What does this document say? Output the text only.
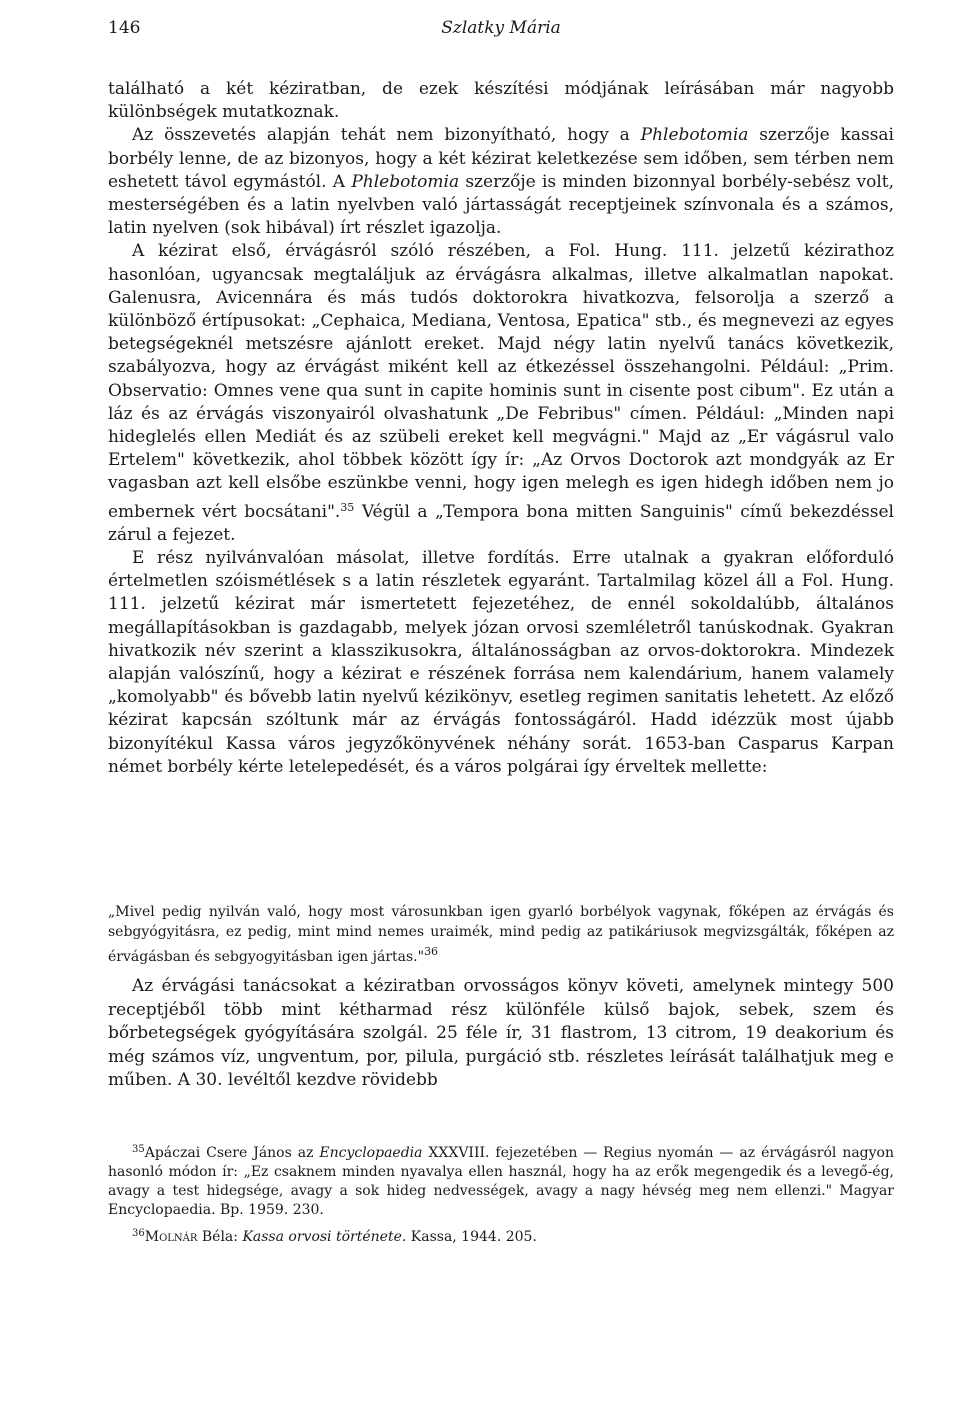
146	Szlatky Mária

található a két kéziratban, de ezek készítési módjának leírásában már nagyobb különbségek mutatkoznak.

Az összevetés alapján tehát nem bizonyítható, hogy a Phlebotomia szerzője kassai borbély lenne, de az bizonyos, hogy a két kézirat keletkezése sem időben, sem térben nem eshetett távol egymástól. A Phlebotomia szerzője is minden bizonnyal borbély-sebész volt, mesterségében és a latin nyelvben való jártasságát receptjeinek színvonala és a számos, latin nyelven (sok hibával) írt részlet igazolja.

A kézirat első, érvágásról szóló részében, a Fol. Hung. 111. jelzetű kézirathoz hasonlóan, ugyancsak megtaláljuk az érvágásra alkalmas, illetve alkalmatlan napokat. Galenusra, Avicennára és más tudós doktorokra hivatkozva, felsorolja a szerző a különböző értípusokat: „Cephaica, Mediana, Ventosa, Epatica" stb., és megnevezi az egyes betegségeknél metszésre ajánlott ereket. Majd négy latin nyelvű tanács következik, szabályozva, hogy az érvágást miként kell az étkezéssel összehangolni. Például: „Prim. Observatio: Omnes vene qua sunt in capite hominis sunt in cisente post cibum". Ez után a láz és az érvágás viszonyairól olvashatunk „De Febribus" címen. Például: „Minden napi hideglelés ellen Mediát és az szübeli ereket kell megvágni." Majd az „Er vágásrul valo Ertelem" következik, ahol többek között így ír: „Az Orvos Doctorok azt mondgyák az Er vagasban azt kell elsőbe eszünkbe venni, hogy igen melegh es igen hidegh időben nem jo embernek vért bocsátani".$^{35}$ Végül a „Tempora bona mitten Sanguinis" című bekezdéssel zárul a fejezet.

E rész nyilvánvalóan másolat, illetve fordítás. Erre utalnak a gyakran előforduló értelmetlen szóismétlések s a latin részletek egyaránt. Tartalmilag közel áll a Fol. Hung. 111. jelzetű kézirat már ismertetett fejezetéhez, de ennél sokoldalúbb, általános megállapításokban is gazdagabb, melyek józan orvosi szemléletről tanúskodnak. Gyakran hivatkozik név szerint a klasszikusokra, általánosságban az orvos-doktorokra. Mindezek alapján valószínű, hogy a kézirat e részének forrása nem kalendárium, hanem valamely „komolyabb" és bővebb latin nyelvű kézikönyv, esetleg regimen sanitatis lehetett. Az előző kézirat kapcsán szóltunk már az érvágás fontosságáról. Hadd idézzük most újabb bizonyítékul Kassa város jegyzőkönyvének néhány sorát. 1653-ban Casparus Karpan német borbély kérte letelepedését, és a város polgárai így érveltek mellette:

„Mivel pedig nyilván való, hogy most városunkban igen gyarló borbélyok vagynak, főképen az érvágás és sebgyógyitásra, ez pedig, mint mind nemes uraimék, mind pedig az patikáriusok megvizsgálták, főképen az érvágásban és sebgyogyitásban igen jártas."$^{36}$

Az érvágási tanácsokat a kéziratban orvosságos könyv követi, amelynek mintegy 500 receptjéből több mint kétharmad rész különféle külső bajok, sebek, szem és bőrbetegségek gyógyítására szolgál. 25 féle ír, 31 flastrom, 13 citrom, 19 deakorium és még számos víz, ungventum, por, pilula, purgáció stb. részletes leírását találhatjuk meg e műben. A 30. levéltől kezdve rövidebb

$^{35}$Apáczai Csere János az Encyclopaedia XXXVIII. fejezetében — Regius nyomán — az érvágásról nagyon hasonló módon ír: „Ez csaknem minden nyavalya ellen használ, hogy ha az erők megengedik és a levegő-ég, avagy a test hidegsége, avagy a sok hideg nedvességek, avagy a nagy hévség meg nem ellenzi." Magyar Encyclopaedia. Bp. 1959. 230.

$^{36}$Molnár Béla: Kassa orvosi története. Kassa, 1944. 205.
